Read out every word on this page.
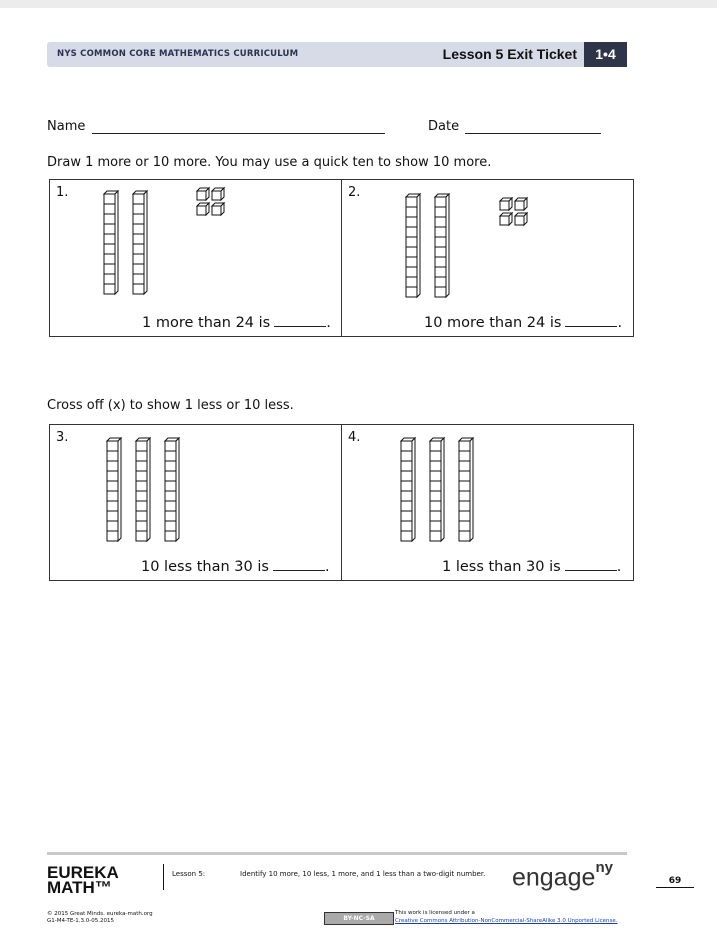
NYS COMMON CORE MATHEMATICS CURRICULUM	Lesson 5 Exit Ticket	1•4
Name	Date
Draw 1 more or 10 more. You may use a quick ten to show 10 more.
1.	2.
1 more than 24 is	.	10 more than 24 is	.
Cross off (x) to show 1 less or 10 less.
3.	4.
10 less than 30 is	.	1 less than 30 is	.
EUREKA
MATH™
Lesson 5:	Identify 10 more, 10 less, 1 more, and 1 less than a two-digit number. engage$^{ny}$
69
© 2015 Great Minds. eureka-math.org
G1-M4-TE-1.3.0-05.2015	BY-NC-SA
This work is licensed under a
Creative Commons Attribution-NonCommercial-ShareAlike 3.0 Unported License.
